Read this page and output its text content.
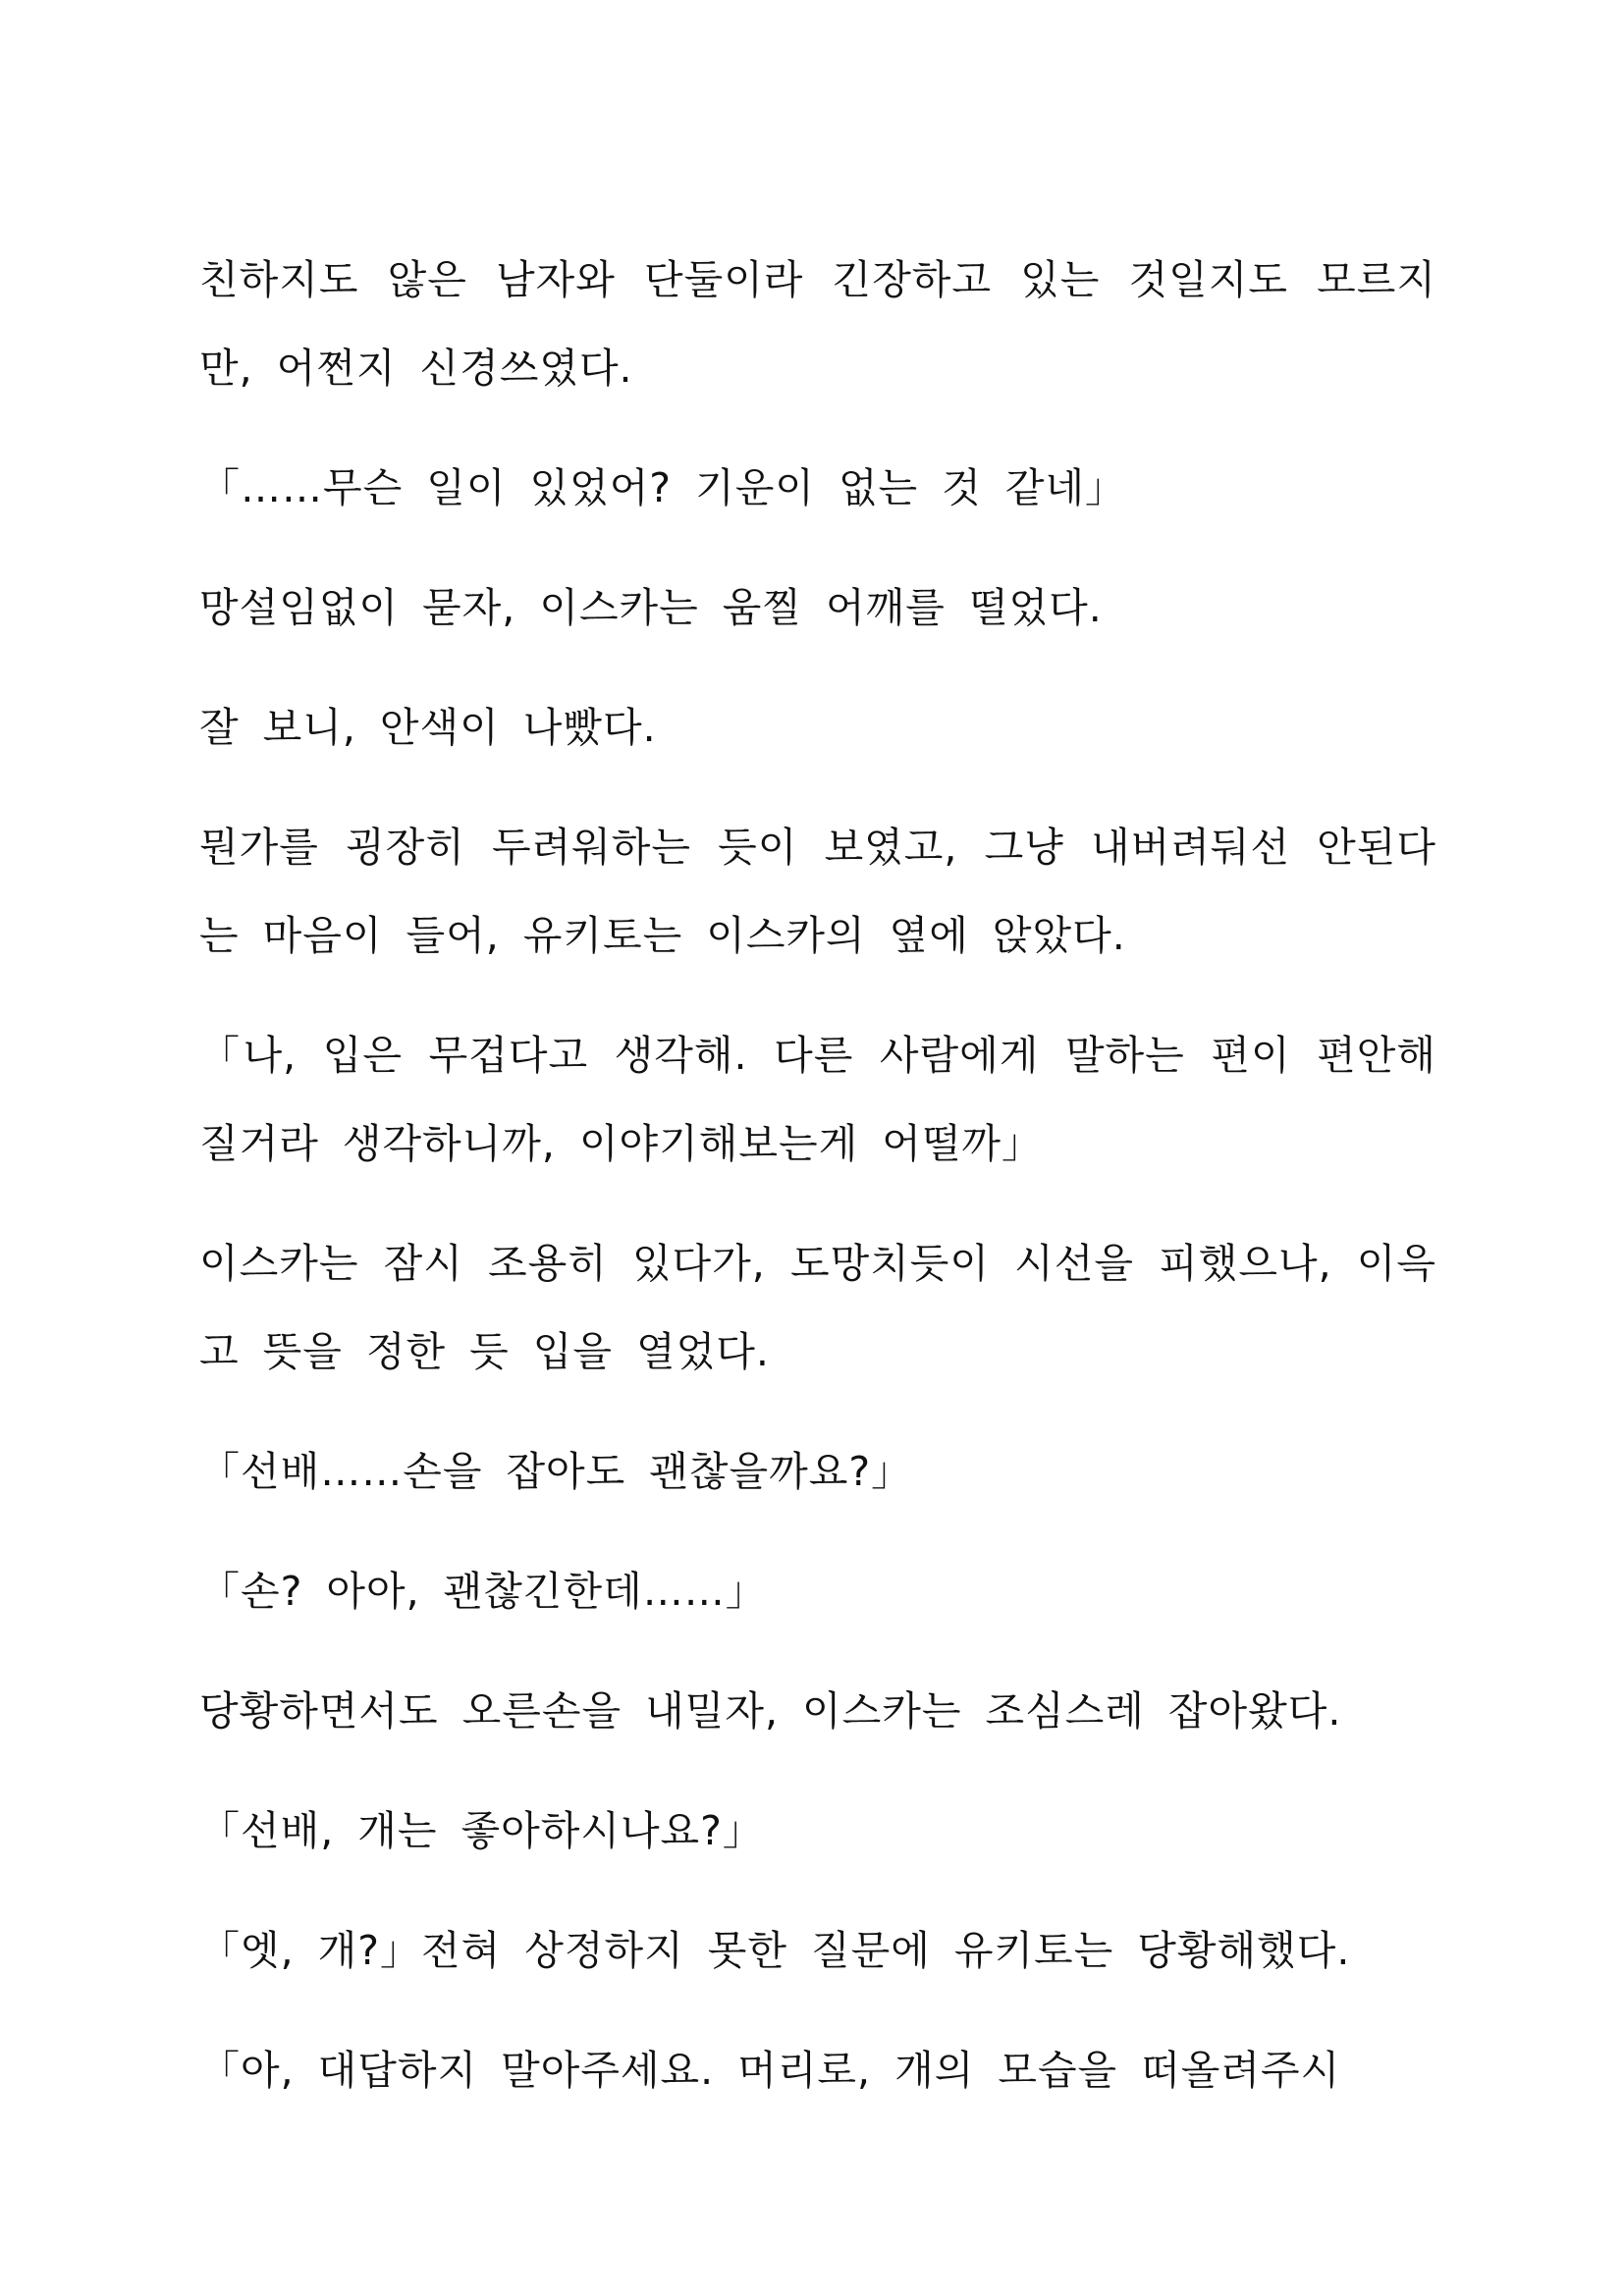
친하지도 않은 남자와 단둘이라 긴장하고 있는 것일지도 모르지만, 어쩐지 신경쓰였다.

「……무슨 일이 있었어? 기운이 없는 것 같네」

망설임없이 묻자, 이스카는 움찔 어깨를 떨었다.

잘 보니, 안색이 나빴다.

뭔가를 굉장히 두려워하는 듯이 보였고, 그냥 내버려둬선 안된다는 마음이 들어, 유키토는 이스카의 옆에 앉았다.

「나, 입은 무겁다고 생각해. 다른 사람에게 말하는 편이 편안해질거라 생각하니까, 이야기해보는게 어떨까」

이스카는 잠시 조용히 있다가, 도망치듯이 시선을 피했으나, 이윽고 뜻을 정한 듯 입을 열었다.

「선배……손을 잡아도 괜찮을까요?」

「손? 아아, 괜찮긴한데……」

당황하면서도 오른손을 내밀자, 이스카는 조심스레 잡아왔다.

「선배, 개는 좋아하시나요?」

「엣, 개?」전혀 상정하지 못한 질문에 유키토는 당황해했다.

「아, 대답하지 말아주세요. 머리로, 개의 모습을 떠올려주시
